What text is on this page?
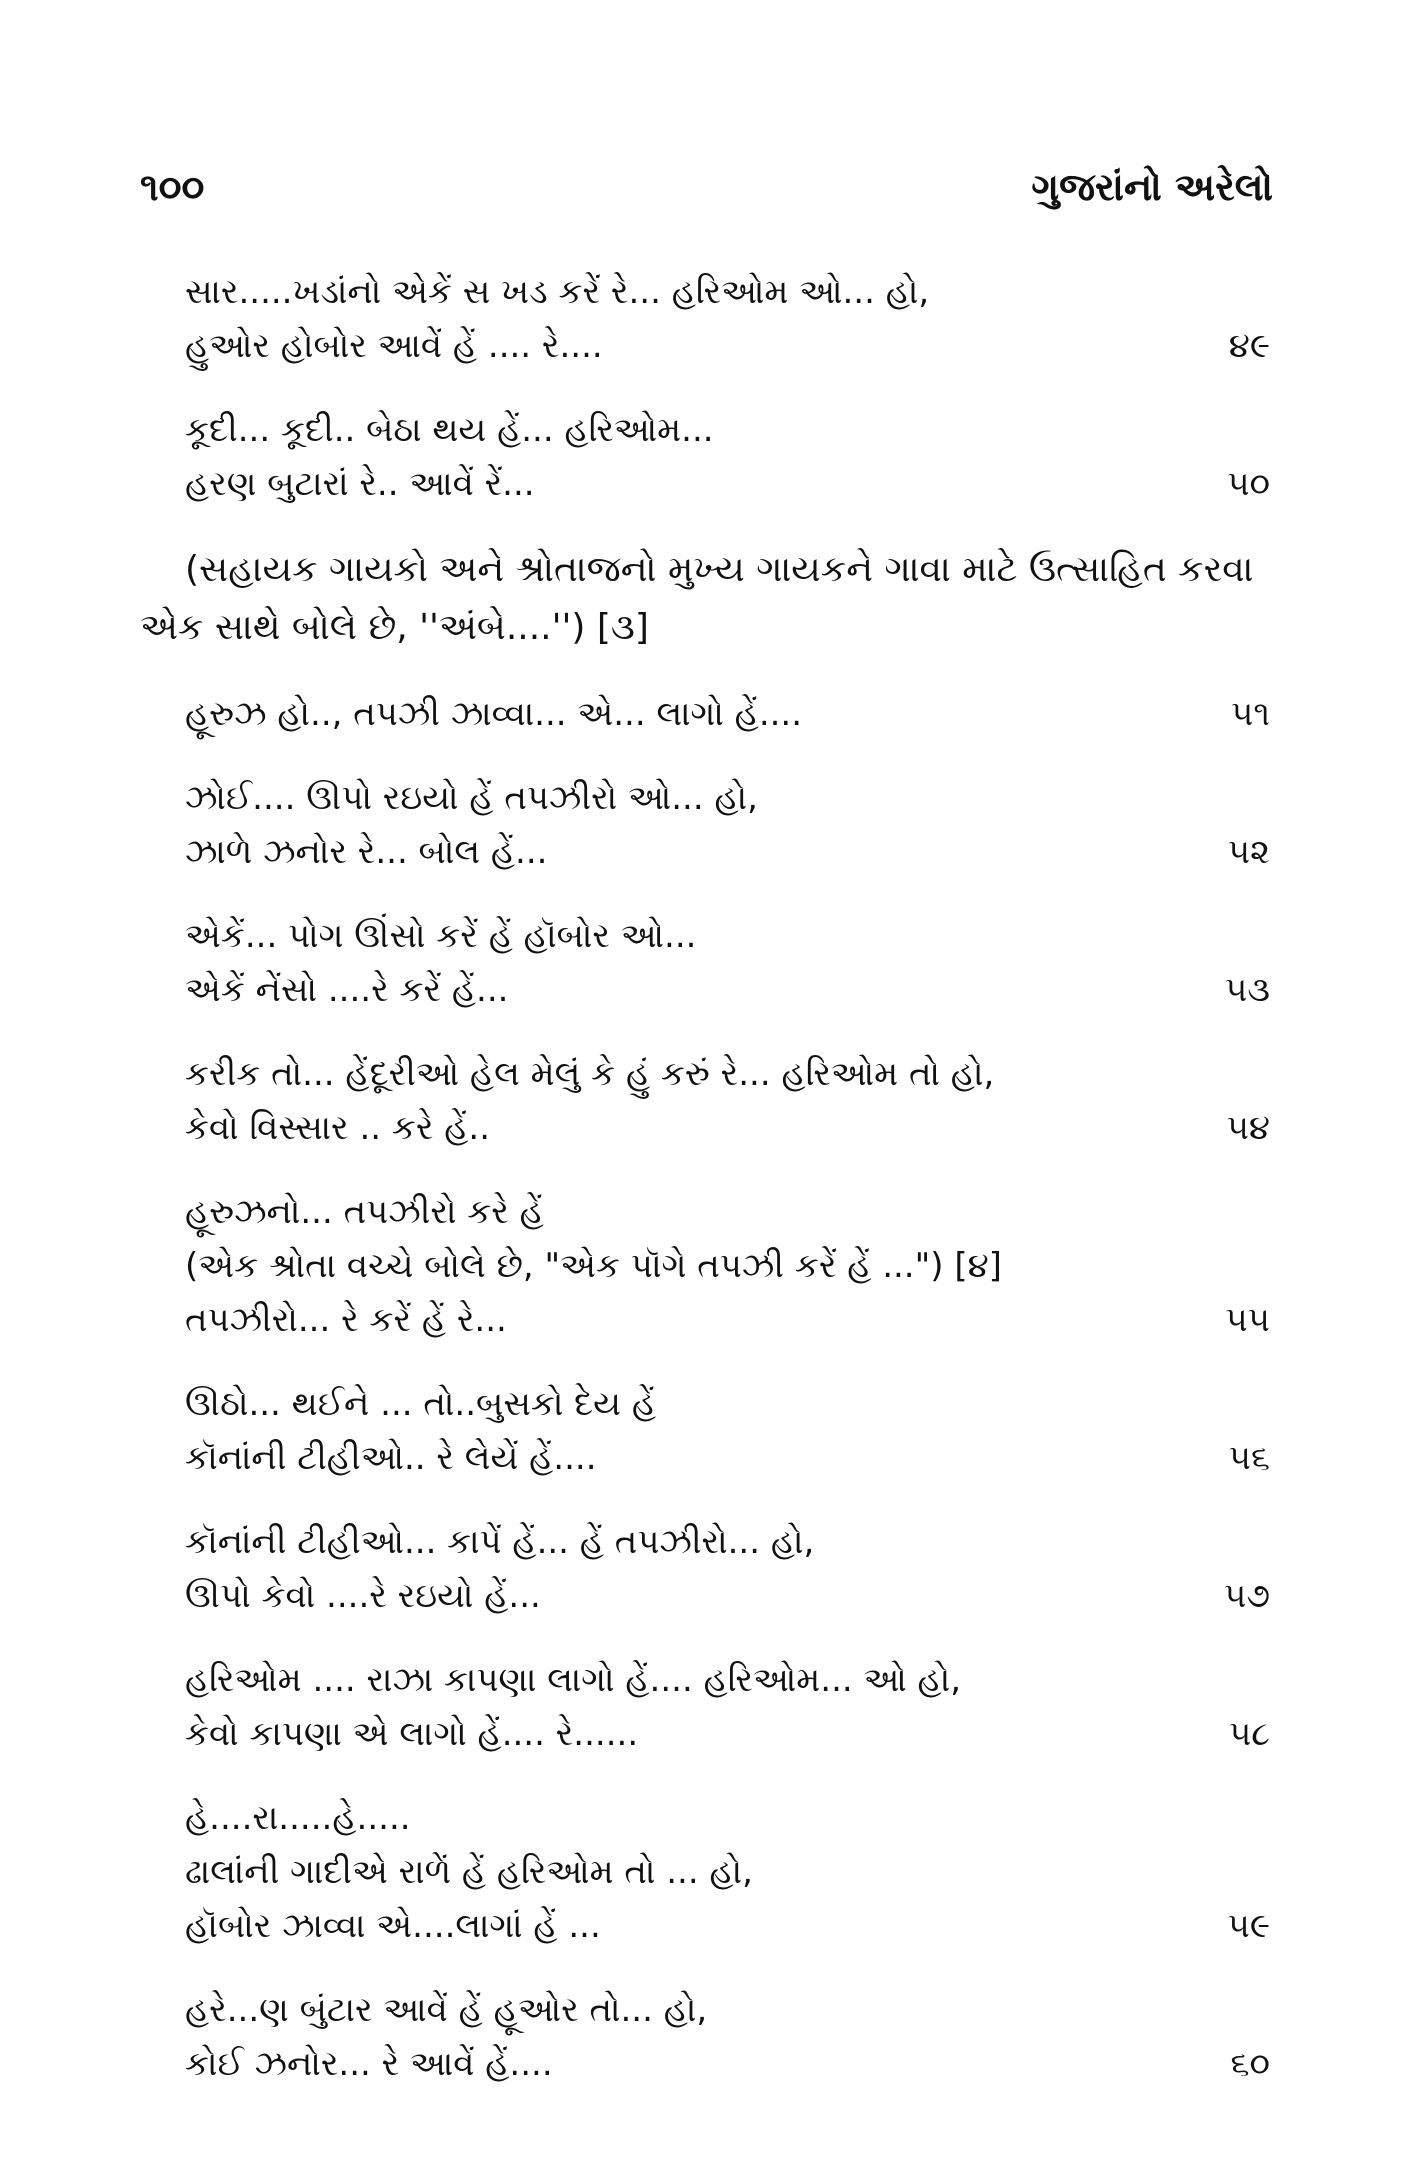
૧૦૦	ગુજરાંનો અરેલો
સાર.....ખડાંનો એકેં સ ખડ કરેં રે... હરિઓમ ઓ... હો,
હુઓર હોબોર આવેં હેં .... રે....	૪૯
કૂદી... કૂદી.. બેઠા થય હેં... હરિઓમ...
હરણ બુટારાં રે.. આવેં રેં...	૫૦
(સહાયક ગાયકો અને શ્રોતાજનો મુખ્ય ગાયકને ગાવા માટે ઉત્સાહિત કરવા
એક સાથે બોલે છે, ''અંબે....'') [૩]
હૂરુઝ હો.., તપઝી ઝાવ્વા... એ... લાગો હેં....	૫૧
ઝોઈ.... ઊપો રઇયો હેં તપઝીરો ઓ... હો,
ઝાળે ઝનોર રે... બોલ હેં...	૫૨
એકેં... પોગ ઊંસો કરેં હેં હૉબોર ઓ...
એકેં નેંસો ....રે કરેં હેં...	૫૩
કરીક તો... હેંદૂરીઓ હેલ મેલું કે હું કરું રે... હરિઓમ તો હો,
કેવો વિસ્સાર .. કરે હેં..	૫૪
હૂરુઝનો... તપઝીરો કરે હેં
(એક શ્રોતા વચ્ચે બોલે છે, "એક પૉગે તપઝી કરેં હેં ...") [૪]
તપઝીરો... રે કરેં હેં રે...	૫૫
ઊઠો... થઈને ... તો..બુસકો દેય હેં
કૉનાંની ટીહીઓ.. રે લેયેં હેં....	૫૬
કૉનાંની ટીહીઓ... કાપેં હેં... હેં તપઝીરો... હો,
ઊપો કેવો ....રે રઇયો હેં...	૫૭
હરિઓમ .... રાઝા કાપણા લાગો હેં.... હરિઓમ... ઓ હો,
કેવો કાપણા એ લાગો હેં.... રે......	૫૮
હે....રા.....હે.....
ઢાલાંની ગાદીએ રાળેં હેં હરિઓમ તો ... હો,
હૉબોર ઝાવ્વા એ....લાગાં હેં ...	૫૯
હરે...ણ બુંટાર આવેં હેં હૂઓર તો... હો,
કોઈ ઝનોર... રે આવેં હેં....	૬૦
